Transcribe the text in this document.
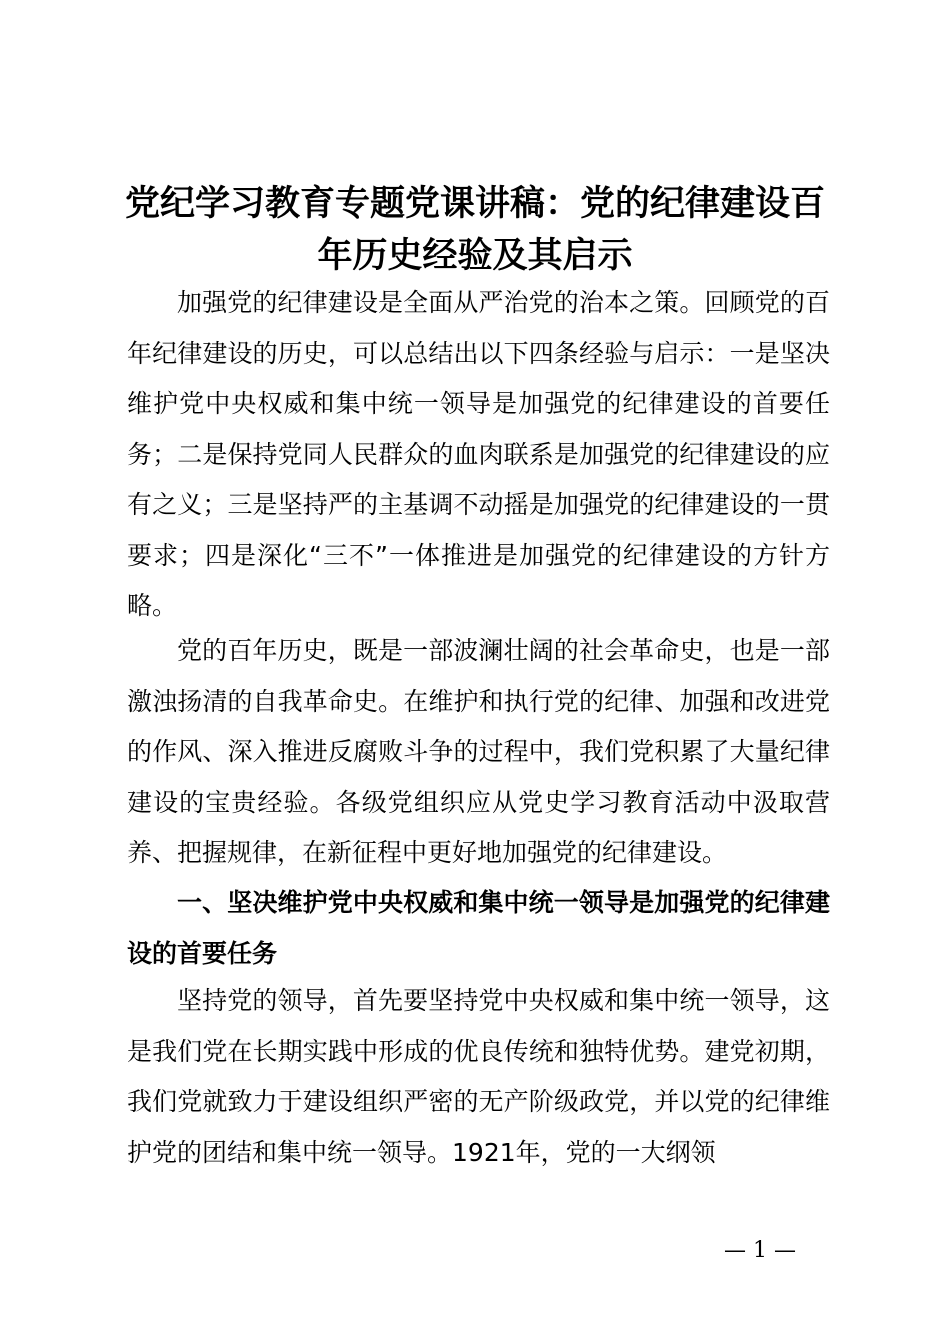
党纪学习教育专题党课讲稿：党的纪律建设百年历史经验及其启示

加强党的纪律建设是全面从严治党的治本之策。回顾党的百年纪律建设的历史，可以总结出以下四条经验与启示：一是坚决维护党中央权威和集中统一领导是加强党的纪律建设的首要任务；二是保持党同人民群众的血肉联系是加强党的纪律建设的应有之义；三是坚持严的主基调不动摇是加强党的纪律建设的一贯要求；四是深化“三不”一体推进是加强党的纪律建设的方针方略。

党的百年历史，既是一部波澜壮阔的社会革命史，也是一部激浊扬清的自我革命史。在维护和执行党的纪律、加强和改进党的作风、深入推进反腐败斗争的过程中，我们党积累了大量纪律建设的宝贵经验。各级党组织应从党史学习教育活动中汲取营养、把握规律，在新征程中更好地加强党的纪律建设。

一、坚决维护党中央权威和集中统一领导是加强党的纪律建设的首要任务

坚持党的领导，首先要坚持党中央权威和集中统一领导，这是我们党在长期实践中形成的优良传统和独特优势。建党初期，我们党就致力于建设组织严密的无产阶级政党，并以党的纪律维护党的团结和集中统一领导。1921年，党的一大纲领

— 1 —
